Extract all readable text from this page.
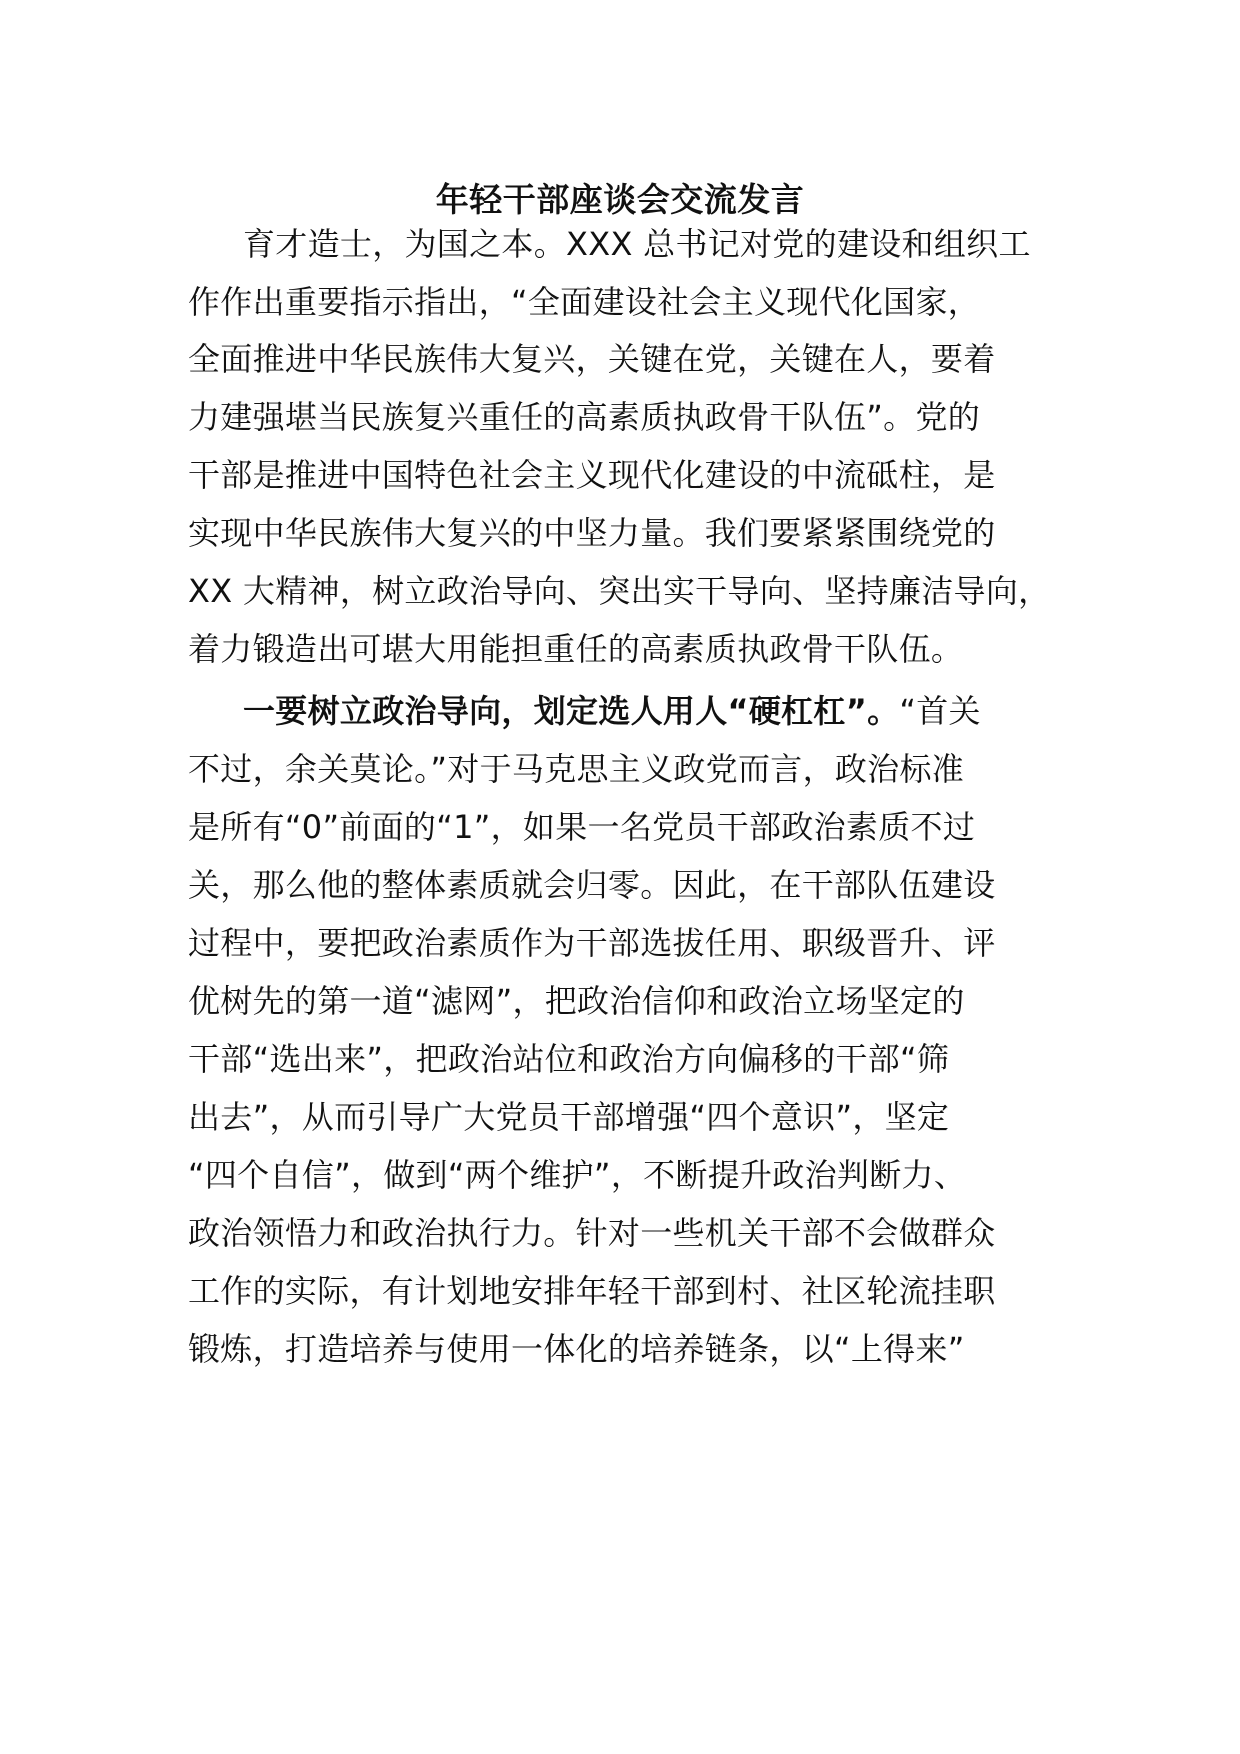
年轻干部座谈会交流发言
育才造士，为国之本。XXX 总书记对党的建设和组织工
作作出重要指示指出，“全面建设社会主义现代化国家，
全面推进中华民族伟大复兴，关键在党，关键在人，要着
力建强堪当民族复兴重任的高素质执政骨干队伍”。党的
干部是推进中国特色社会主义现代化建设的中流砥柱，是
实现中华民族伟大复兴的中坚力量。我们要紧紧围绕党的
XX 大精神，树立政治导向、突出实干导向、坚持廉洁导向，
着力锻造出可堪大用能担重任的高素质执政骨干队伍。
一要树立政治导向，划定选人用人“硬杠杠”。“首关
不过，余关莫论。”对于马克思主义政党而言，政治标准
是所有“0”前面的“1”，如果一名党员干部政治素质不过
关，那么他的整体素质就会归零。因此，在干部队伍建设
过程中，要把政治素质作为干部选拔任用、职级晋升、评
优树先的第一道“滤网”，把政治信仰和政治立场坚定的
干部“选出来”，把政治站位和政治方向偏移的干部“筛
出去”，从而引导广大党员干部增强“四个意识”，坚定
“四个自信”，做到“两个维护”，不断提升政治判断力、
政治领悟力和政治执行力。针对一些机关干部不会做群众
工作的实际，有计划地安排年轻干部到村、社区轮流挂职
锻炼，打造培养与使用一体化的培养链条，以“上得来”
